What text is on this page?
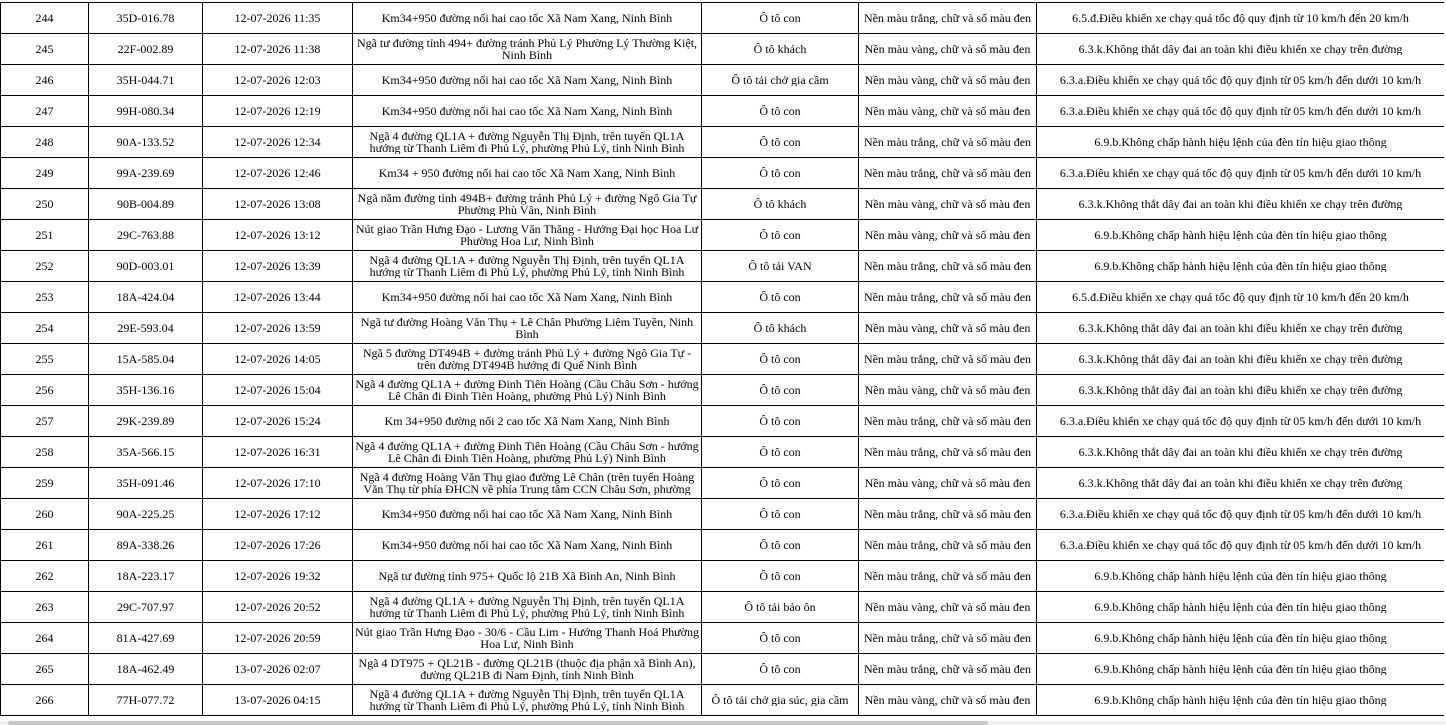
244	35D-016.78	12-07-2026 11:35	Km34+950 đường nối hai cao tốc Xã Nam Xang, Ninh Bình	Ô tô con	Nền màu trắng, chữ và số màu đen	6.5.đ.Điều khiển xe chạy quá tốc độ quy định từ 10 km/h đến 20 km/h

245	22F-002.89	12-07-2026 11:38	Ngã tư đường tỉnh 494+ đường tránh Phủ Lý Phường Lý Thường Kiệt, Ninh Bình	Ô tô khách	Nền màu vàng, chữ và số màu đen	6.3.k.Không thắt dây đai an toàn khi điều khiển xe chạy trên đường

246	35H-044.71	12-07-2026 12:03	Km34+950 đường nối hai cao tốc Xã Nam Xang, Ninh Bình	Ô tô tải chở gia cầm	Nền màu vàng, chữ và số màu đen	6.3.a.Điều khiển xe chạy quá tốc độ quy định từ 05 km/h đến dưới 10 km/h

247	99H-080.34	12-07-2026 12:19	Km34+950 đường nối hai cao tốc Xã Nam Xang, Ninh Bình	Ô tô con	Nền màu vàng, chữ và số màu đen	6.3.a.Điều khiển xe chạy quá tốc độ quy định từ 05 km/h đến dưới 10 km/h

248	90A-133.52	12-07-2026 12:34	Ngã 4 đường QL1A + đường Nguyễn Thị Định, trên tuyến QL1A hướng từ Thanh Liêm đi Phủ Lý, phường Phủ Lý, tỉnh Ninh Bình	Ô tô con	Nền màu trắng, chữ và số màu đen	6.9.b.Không chấp hành hiệu lệnh của đèn tín hiệu giao thông

249	99A-239.69	12-07-2026 12:46	Km34 + 950 đường nối hai cao tốc Xã Nam Xang, Ninh Bình	Ô tô con	Nền màu trắng, chữ và số màu đen	6.3.a.Điều khiển xe chạy quá tốc độ quy định từ 05 km/h đến dưới 10 km/h

250	90B-004.89	12-07-2026 13:08	Ngã năm đường tỉnh 494B+ đường tránh Phủ Lý + đường Ngô Gia Tự Phường Phù Vân, Ninh Bình	Ô tô khách	Nền màu vàng, chữ và số màu đen	6.3.k.Không thắt dây đai an toàn khi điều khiển xe chạy trên đường

251	29C-763.88	12-07-2026 13:12	Nút giao Trần Hưng Đạo - Lương Văn Thăng - Hướng Đại học Hoa Lư Phường Hoa Lư, Ninh Bình	Ô tô con	Nền màu vàng, chữ và số màu đen	6.9.b.Không chấp hành hiệu lệnh của đèn tín hiệu giao thông

252	90D-003.01	12-07-2026 13:39	Ngã 4 đường QL1A + đường Nguyễn Thị Định, trên tuyến QL1A hướng từ Thanh Liêm đi Phủ Lý, phường Phủ Lý, tỉnh Ninh Bình	Ô tô tải VAN	Nền màu trắng, chữ và số màu đen	6.9.b.Không chấp hành hiệu lệnh của đèn tín hiệu giao thông

253	18A-424.04	12-07-2026 13:44	Km34+950 đường nối hai cao tốc Xã Nam Xang, Ninh Bình	Ô tô con	Nền màu trắng, chữ và số màu đen	6.5.đ.Điều khiển xe chạy quá tốc độ quy định từ 10 km/h đến 20 km/h

254	29E-593.04	12-07-2026 13:59	Ngã tư đường Hoàng Văn Thụ + Lê Chân Phường Liêm Tuyền, Ninh Bình	Ô tô khách	Nền màu vàng, chữ và số màu đen	6.3.k.Không thắt dây đai an toàn khi điều khiển xe chạy trên đường

255	15A-585.04	12-07-2026 14:05	Ngã 5 đường DT494B + đường tránh Phủ Lý + đường Ngô Gia Tự - trên đường DT494B hướng đi Quế Ninh Bình	Ô tô con	Nền màu trắng, chữ và số màu đen	6.3.k.Không thắt dây đai an toàn khi điều khiển xe chạy trên đường

256	35H-136.16	12-07-2026 15:04	Ngã 4 đường QL1A + đường Đinh Tiên Hoàng (Cầu Châu Sơn - hướng Lê Chân đi Đinh Tiên Hoàng, phường Phủ Lý) Ninh Bình	Ô tô con	Nền màu vàng, chữ và số màu đen	6.3.k.Không thắt dây đai an toàn khi điều khiển xe chạy trên đường

257	29K-239.89	12-07-2026 15:24	Km 34+950 đường nối 2 cao tốc Xã Nam Xang, Ninh Bình	Ô tô con	Nền màu trắng, chữ và số màu đen	6.3.a.Điều khiển xe chạy quá tốc độ quy định từ 05 km/h đến dưới 10 km/h

258	35A-566.15	12-07-2026 16:31	Ngã 4 đường QL1A + đường Đinh Tiên Hoàng (Cầu Châu Sơn - hướng Lê Chân đi Đinh Tiên Hoàng, phường Phủ Lý) Ninh Bình	Ô tô con	Nền màu trắng, chữ và số màu đen	6.3.k.Không thắt dây đai an toàn khi điều khiển xe chạy trên đường

259	35H-091.46	12-07-2026 17:10	Ngã 4 đường Hoàng Văn Thụ giao đường Lê Chân (trên tuyến Hoàng Văn Thụ từ phía ĐHCN về phía Trung tâm CCN Châu Sơn, phường	Ô tô con	Nền màu vàng, chữ và số màu đen	6.3.k.Không thắt dây đai an toàn khi điều khiển xe chạy trên đường

260	90A-225.25	12-07-2026 17:12	Km34+950 đường nối hai cao tốc Xã Nam Xang, Ninh Bình	Ô tô con	Nền màu trắng, chữ và số màu đen	6.3.a.Điều khiển xe chạy quá tốc độ quy định từ 05 km/h đến dưới 10 km/h

261	89A-338.26	12-07-2026 17:26	Km34+950 đường nối hai cao tốc Xã Nam Xang, Ninh Bình	Ô tô con	Nền màu trắng, chữ và số màu đen	6.3.a.Điều khiển xe chạy quá tốc độ quy định từ 05 km/h đến dưới 10 km/h

262	18A-223.17	12-07-2026 19:32	Ngã tư đường tỉnh 975+ Quốc lộ 21B Xã Bình An, Ninh Bình	Ô tô con	Nền màu trắng, chữ và số màu đen	6.9.b.Không chấp hành hiệu lệnh của đèn tín hiệu giao thông

263	29C-707.97	12-07-2026 20:52	Ngã 4 đường QL1A + đường Nguyễn Thị Định, trên tuyến QL1A hướng từ Thanh Liêm đi Phủ Lý, phường Phủ Lý, tỉnh Ninh Bình	Ô tô tải bảo ôn	Nền màu vàng, chữ và số màu đen	6.9.b.Không chấp hành hiệu lệnh của đèn tín hiệu giao thông

264	81A-427.69	12-07-2026 20:59	Nút giao Trần Hưng Đạo - 30/6 - Cầu Lim - Hướng Thanh Hoá Phường Hoa Lư, Ninh Bình	Ô tô con	Nền màu trắng, chữ và số màu đen	6.9.b.Không chấp hành hiệu lệnh của đèn tín hiệu giao thông

265	18A-462.49	13-07-2026 02:07	Ngã 4 DT975 + QL21B - đường QL21B (thuộc địa phận xã Bình An), đường QL21B đi Nam Định, tỉnh Ninh Bình	Ô tô con	Nền màu trắng, chữ và số màu đen	6.9.b.Không chấp hành hiệu lệnh của đèn tín hiệu giao thông

266	77H-077.72	13-07-2026 04:15	Ngã 4 đường QL1A + đường Nguyễn Thị Định, trên tuyến QL1A hướng từ Thanh Liêm đi Phủ Lý, phường Phủ Lý, tỉnh Ninh Bình	Ô tô tải chở gia súc, gia cầm	Nền màu vàng, chữ và số màu đen	6.9.b.Không chấp hành hiệu lệnh của đèn tín hiệu giao thông
